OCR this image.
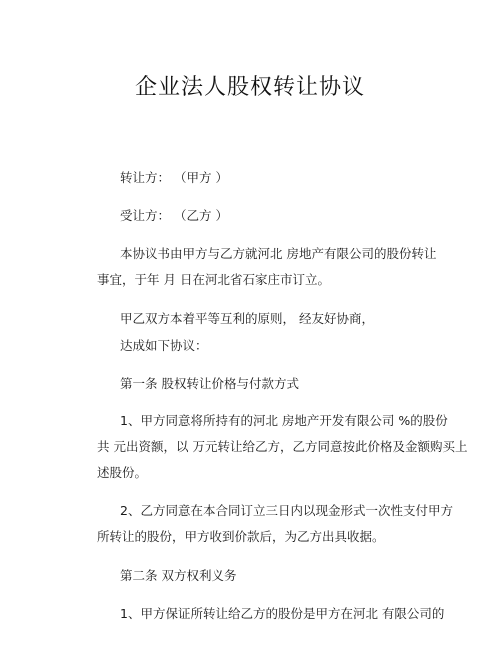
企业法人股权转让协议
转让方： （甲方 ）
受让方： （乙方 ）
本协议书由甲方与乙方就河北 房地产有限公司的股份转让
事宜，于年 月 日在河北省石家庄市订立。
甲乙双方本着平等互利的原则， 经友好协商，
达成如下协议：
第一条 股权转让价格与付款方式
1、甲方同意将所持有的河北 房地产开发有限公司 %的股份
共 元出资额，以 万元转让给乙方，乙方同意按此价格及金额购买上
述股份。
2、乙方同意在本合同订立三日内以现金形式一次性支付甲方
所转让的股份，甲方收到价款后，为乙方出具收据。
第二条 双方权利义务
1、甲方保证所转让给乙方的股份是甲方在河北 有限公司的
